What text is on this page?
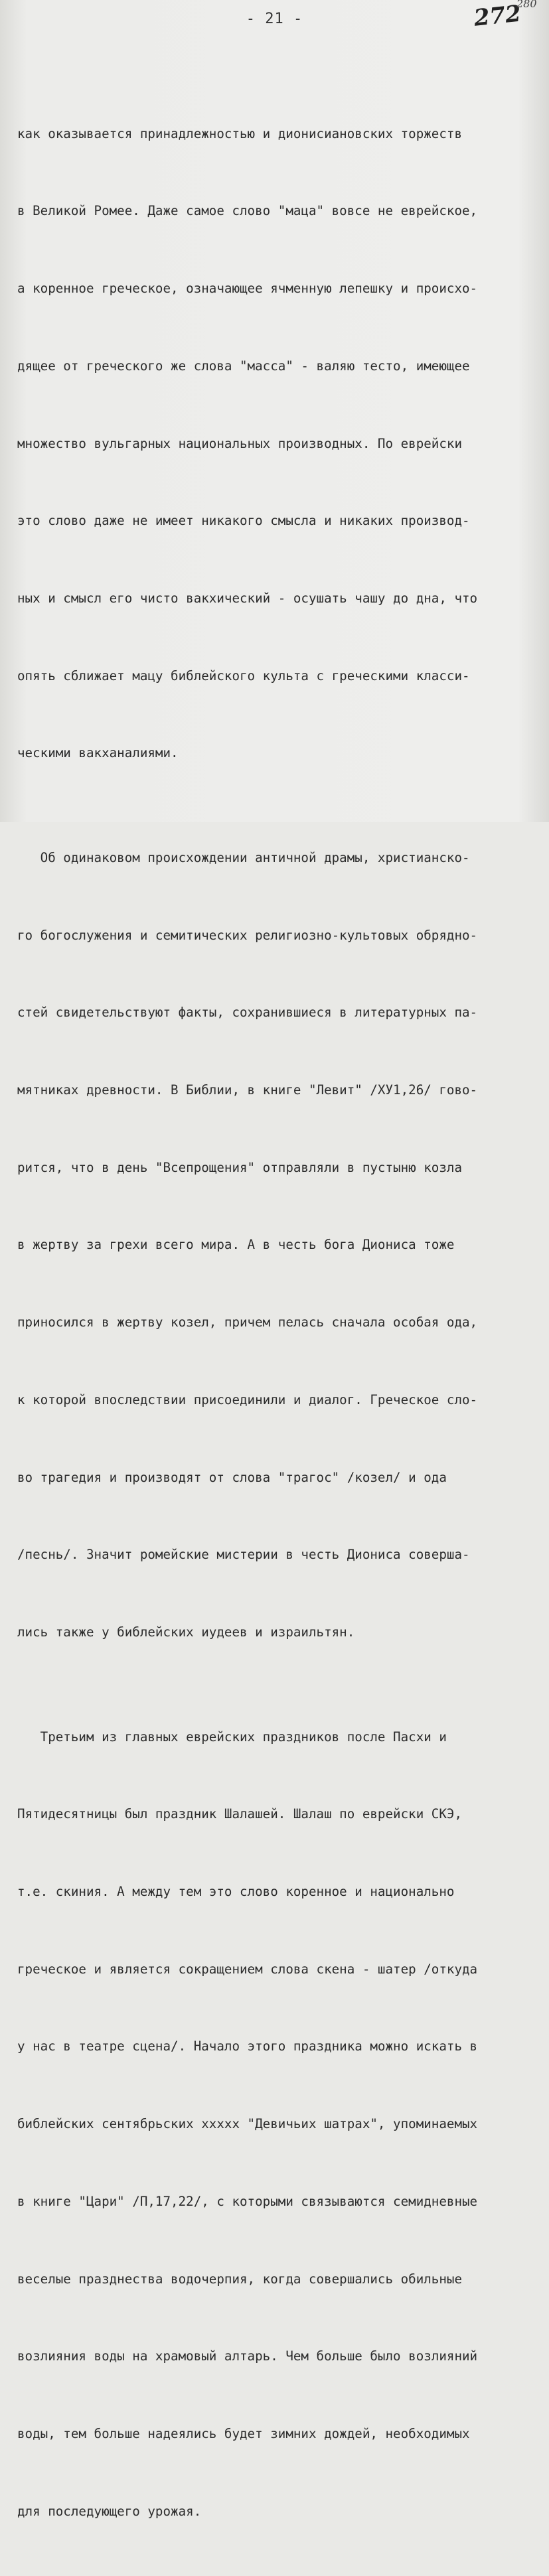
- 21 -	272
280

как оказывается принадлежностью и дионисиановских торжеств

в Великой Ромее. Даже самое слово "маца" вовсе не еврейское,

а коренное греческое, означающее ячменную лепешку и происхо-

дящее от греческого же слова "масса" - валяю тесто, имеющее

множество вульгарных национальных производных. По еврейски

это слово даже не имеет никакого смысла и никаких производ-

ных и смысл его чисто вакхический - осушать чашу до дна, что

опять сближает мацу библейского культа с греческими класси-

ческими вакханалиями.

Об одинаковом происхождении античной драмы, христианско-

го богослужения и семитических религиозно-культовых обрядно-

стей свидетельствуют факты, сохранившиеся в литературных па-

мятниках древности. В Библии, в книге "Левит" /ХУ1,26/ гово-

рится, что в день "Всепрощения" отправляли в пустыню козла

в жертву за грехи всего мира. А в честь бога Диониса тоже

приносился в жертву козел, причем пелась сначала особая ода,

к которой впоследствии присоединили и диалог. Греческое сло-

во трагедия и производят от слова "трагос" /козел/ и ода

/песнь/. Значит ромейские мистерии в честь Диониса соверша-

лись также у библейских иудеев и израильтян.

Третьим из главных еврейских праздников после Пасхи и

Пятидесятницы был праздник Шалашей. Шалаш по еврейски СКЭ,

т.е. скиния. А между тем это слово коренное и национально

греческое и является сокращением слова скена - шатер /откуда

у нас в театре сцена/. Начало этого праздника можно искать в

библейских сентябрьских xxxxx "Девичьих шатрах", упоминаемых

в книге "Цари" /П,17,22/, с которыми связываются семидневные

веселые празднества водочерпия, когда совершались обильные

возлияния воды на храмовый алтарь. Чем больше было возлияний

воды, тем больше надеялись будет зимних дождей, необходимых

для последующего урожая.
